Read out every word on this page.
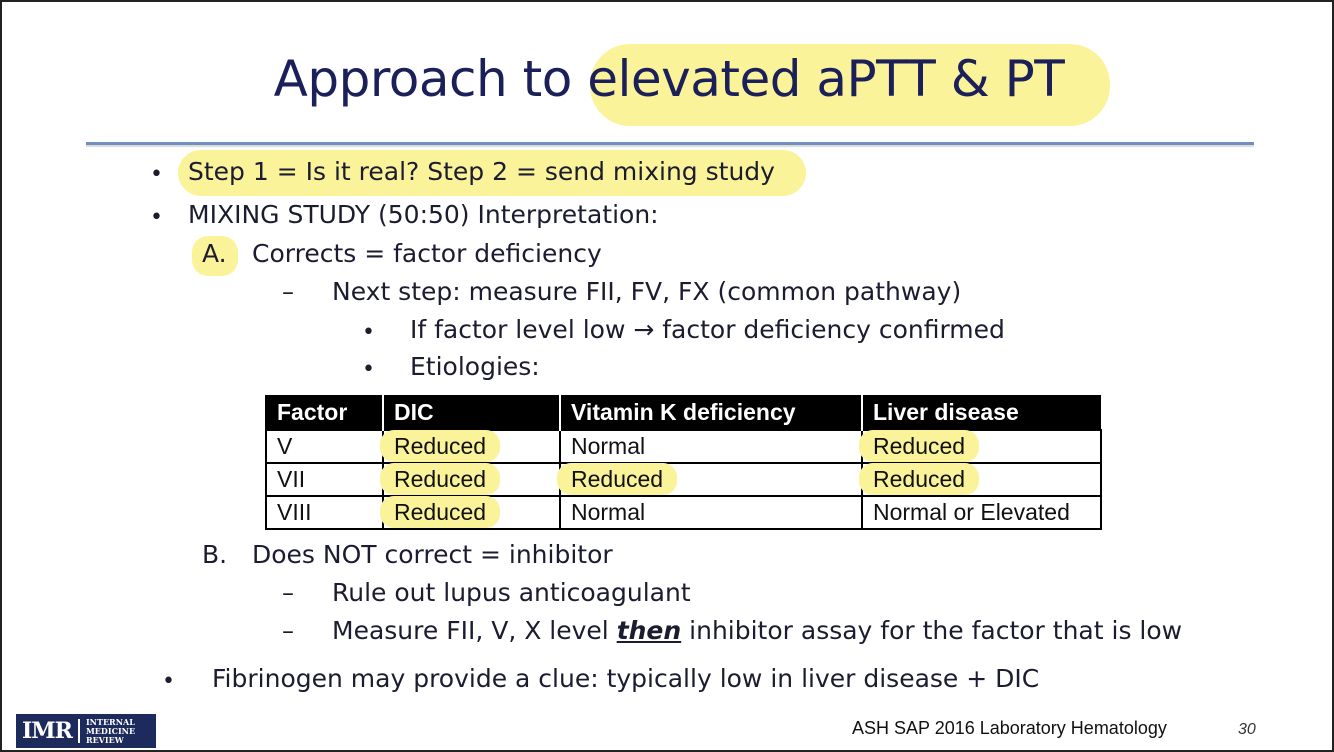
Approach to elevated aPTT & PT
• Step 1 = Is it real? Step 2 = send mixing study
• MIXING STUDY (50:50) Interpretation:
A. Corrects = factor deficiency
– Next step: measure FII, FV, FX (common pathway)
• If factor level low → factor deficiency confirmed
• Etiologies:
Factor	DIC	Vitamin K deficiency	Liver disease
V	Reduced	Normal	Reduced
VII	Reduced	Reduced	Reduced
VIII	Reduced	Normal	Normal or Elevated
B. Does NOT correct = inhibitor
– Rule out lupus anticoagulant
– Measure FII, V, X level then inhibitor assay for the factor that is low
• Fibrinogen may provide a clue: typically low in liver disease + DIC
IMR INTERNAL
MEDICINE
REVIEW
ASH SAP 2016 Laboratory Hematology	30
